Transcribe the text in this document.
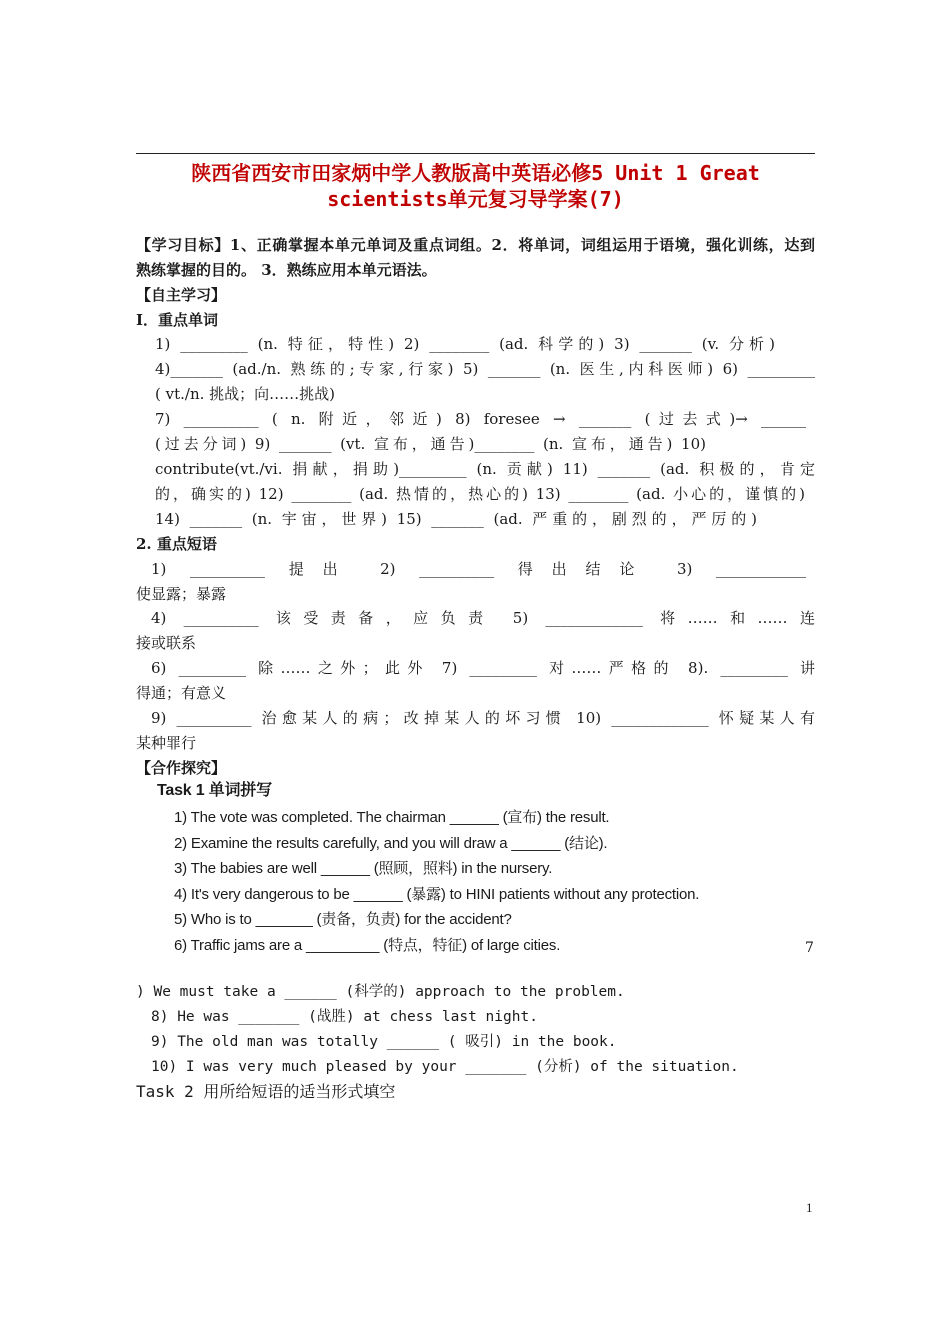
陕西省西安市田家炳中学人教版高中英语必修5 Unit 1 Great
scientists单元复习导学案(7)
【学习目标】1、正确掌握本单元单词及重点词组。2．将单词，词组运用于语境，强化训练，达到
熟练掌握的目的。 3．熟练应用本单元语法。
【自主学习】
I．重点单词
1) _________ (n. 特征，特性) 2) ________ (ad. 科学的) 3) _______ (v. 分析)
4)_______ (ad./n. 熟练的;专家,行家) 5) _______ (n. 医生,内科医师) 6) _________
( vt./n. 挑战；向……挑战)
7) __________ ( n. 附近，邻近) 8) foresee → _______ (过去式)→ ______
(过去分词) 9) _______ (vt. 宣布，通告)________ (n. 宣布，通告) 10)
contribute(vt./vi. 捐献，捐助)_________ (n. 贡献) 11) _______ (ad. 积极的，肯定
的，确实的) 12) ________ (ad. 热情的，热心的) 13) ________ (ad. 小心的，谨慎的)
14) _______ (n. 宇宙，世界) 15) _______ (ad. 严重的，剧烈的，严厉的)
2. 重点短语
1) __________ 提出 2) __________ 得出结论 3) ____________
使显露；暴露
4) __________ 该受责备，应负责 5) _____________ 将……和……连
接或联系
6) _________ 除……之外；此外 7) _________ 对……严格的 8). _________ 讲
得通；有意义
9) __________ 治愈某人的病；改掉某人的坏习惯 10) _____________ 怀疑某人有
某种罪行
【合作探究】
Task 1 单词拼写
1) The vote was completed. The chairman ______ (宣布) the result.
2) Examine the results carefully, and you will draw a ______ (结论).
3) The babies are well ______ (照顾，照料) in the nursery.
4) It's very dangerous to be ______ (暴露) to HINI patients without any protection.
5) Who is to _______ (责备，负责) for the accident?
6) Traffic jams are a _________ (特点，特征) of large cities.	7
) We must take a ______ (科学的) approach to the problem.
8) He was _______ (战胜) at chess last night.
9) The old man was totally ______ ( 吸引) in the book.
10) I was very much pleased by your _______ (分析) of the situation.
Task 2 用所给短语的适当形式填空
1
